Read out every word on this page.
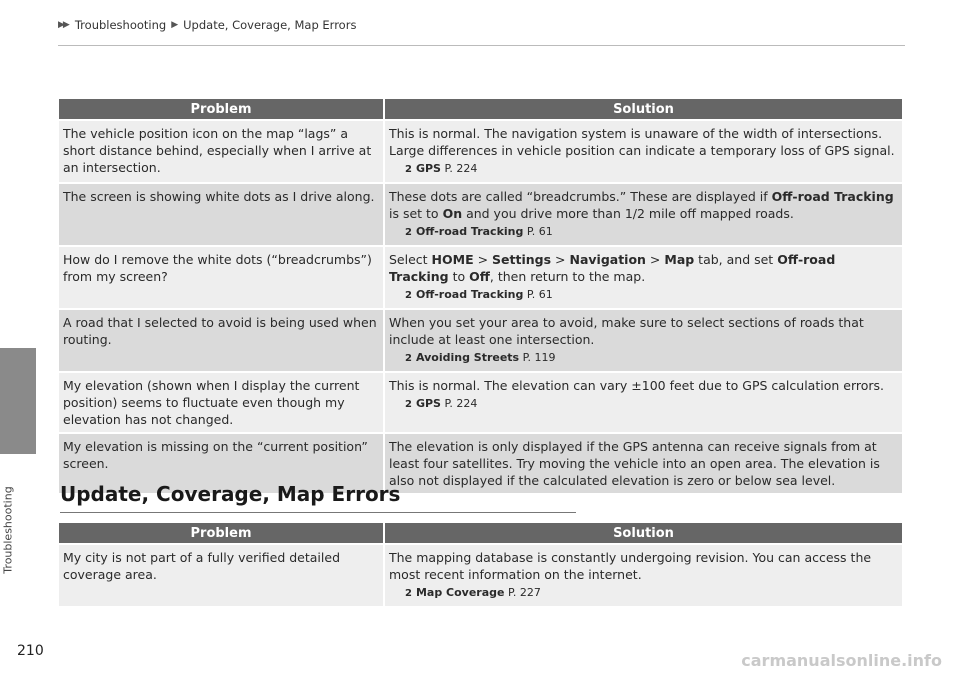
▶▶ Troubleshooting ▶ Update, Coverage, Map Errors
Troubleshooting
Problem	Solution
The vehicle position icon on the map “lags” a short distance behind, especially when I arrive at an intersection.	This is normal. The navigation system is unaware of the width of intersections. Large differences in vehicle position can indicate a temporary loss of GPS signal.
2 GPS P. 224

The screen is showing white dots as I drive along.	These dots are called “breadcrumbs.” These are displayed if Off-road Tracking is set to On and you drive more than 1/2 mile off mapped roads.
2 Off-road Tracking P. 61

How do I remove the white dots (“breadcrumbs”) from my screen?	Select HOME > Settings > Navigation > Map tab, and set Off-road Tracking to Off, then return to the map.
2 Off-road Tracking P. 61

A road that I selected to avoid is being used when routing.	When you set your area to avoid, make sure to select sections of roads that include at least one intersection.
2 Avoiding Streets P. 119

My elevation (shown when I display the current position) seems to fluctuate even though my elevation has not changed.	This is normal. The elevation can vary ±100 feet due to GPS calculation errors.
2 GPS P. 224

My elevation is missing on the “current position” screen.	The elevation is only displayed if the GPS antenna can receive signals from at least four satellites. Try moving the vehicle into an open area. The elevation is also not displayed if the calculated elevation is zero or below sea level.
Update, Coverage, Map Errors
Problem	Solution
My city is not part of a fully verified detailed coverage area.	The mapping database is constantly undergoing revision. You can access the most recent information on the internet.
2 Map Coverage P. 227
210	carmanualsonline.info
